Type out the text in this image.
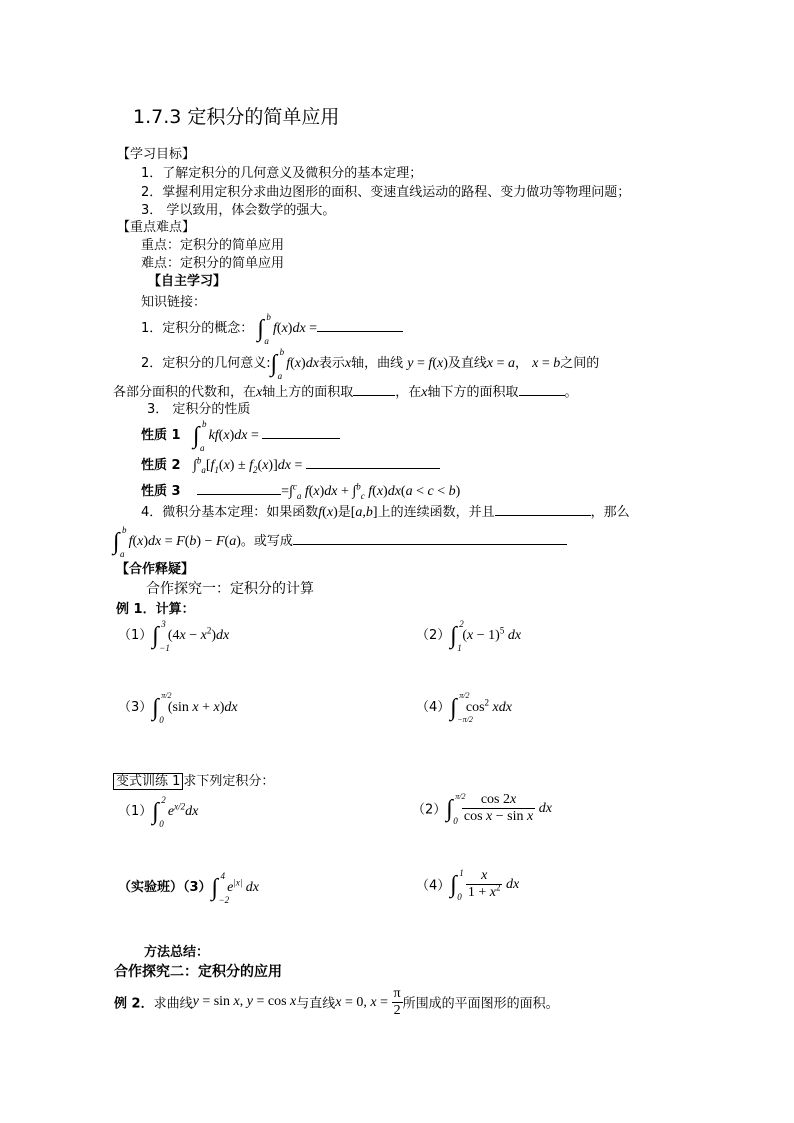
1.7.3 定积分的简单应用
【学习目标】
1．了解定积分的几何意义及微积分的基本定理；
2．掌握利用定积分求曲边图形的面积、变速直线运动的路程、变力做功等物理问题；
3． 学以致用，体会数学的强大。
【重点难点】
重点：定积分的简单应用
难点：定积分的简单应用
【自主学习】
知识链接：
1．定积分的概念： ∫ b
a
f(x)dx =
2．定积分的几何意义:∫ b
a
f(x)dx表示x轴，曲线 y = f(x)及直线x = a， x = b之间的
各部分面积的代数和，在x轴上方的面积取	，在x轴下方的面积取	。
3． 定积分的性质
性质 1 ∫ b
a
kf(x)dx =
性质 2 $\int^b_a[f_1(x) \pm f_2(x)]dx$ =
性质 3	=∫$^c_a$ f(x)dx + ∫$^b_c$ f(x)dx(a < c < b)
4．微积分基本定理：如果函数f(x)是[a,b]上的连续函数，并且	，那么
∫ b
a
f(x)dx = F(b) − F(a)。或写成
【合作释疑】
合作探究一：定积分的计算
例 1．计算：
（1）∫ 3
−1
$(4x - x^2)dx$	（2）∫ 2
1
$(x - 1)^5$ dx
（3）∫ π/2
0
(sin x + x)dx	（4）∫ π/2
−π/2
$\cos^2$ xdx
变式训练 1 求下列定积分：
（1）∫ 2
0
$e^{x/2}dx$	（2）∫ π/2
0
$\frac{\cos 2x}{\text{cos x − sin x}}$ dx
（实验班）（3）∫ 4
−2
$e^{|x|}$ dx	（4）∫ 1
0
$\frac{x}{1 + x^2}$ dx
方法总结：
合作探究二：定积分的应用
例 2．求曲线y = sin x, y = cos x与直线x = 0, $x = \frac{\pi}{2}$ 所围成的平面图形的面积。
